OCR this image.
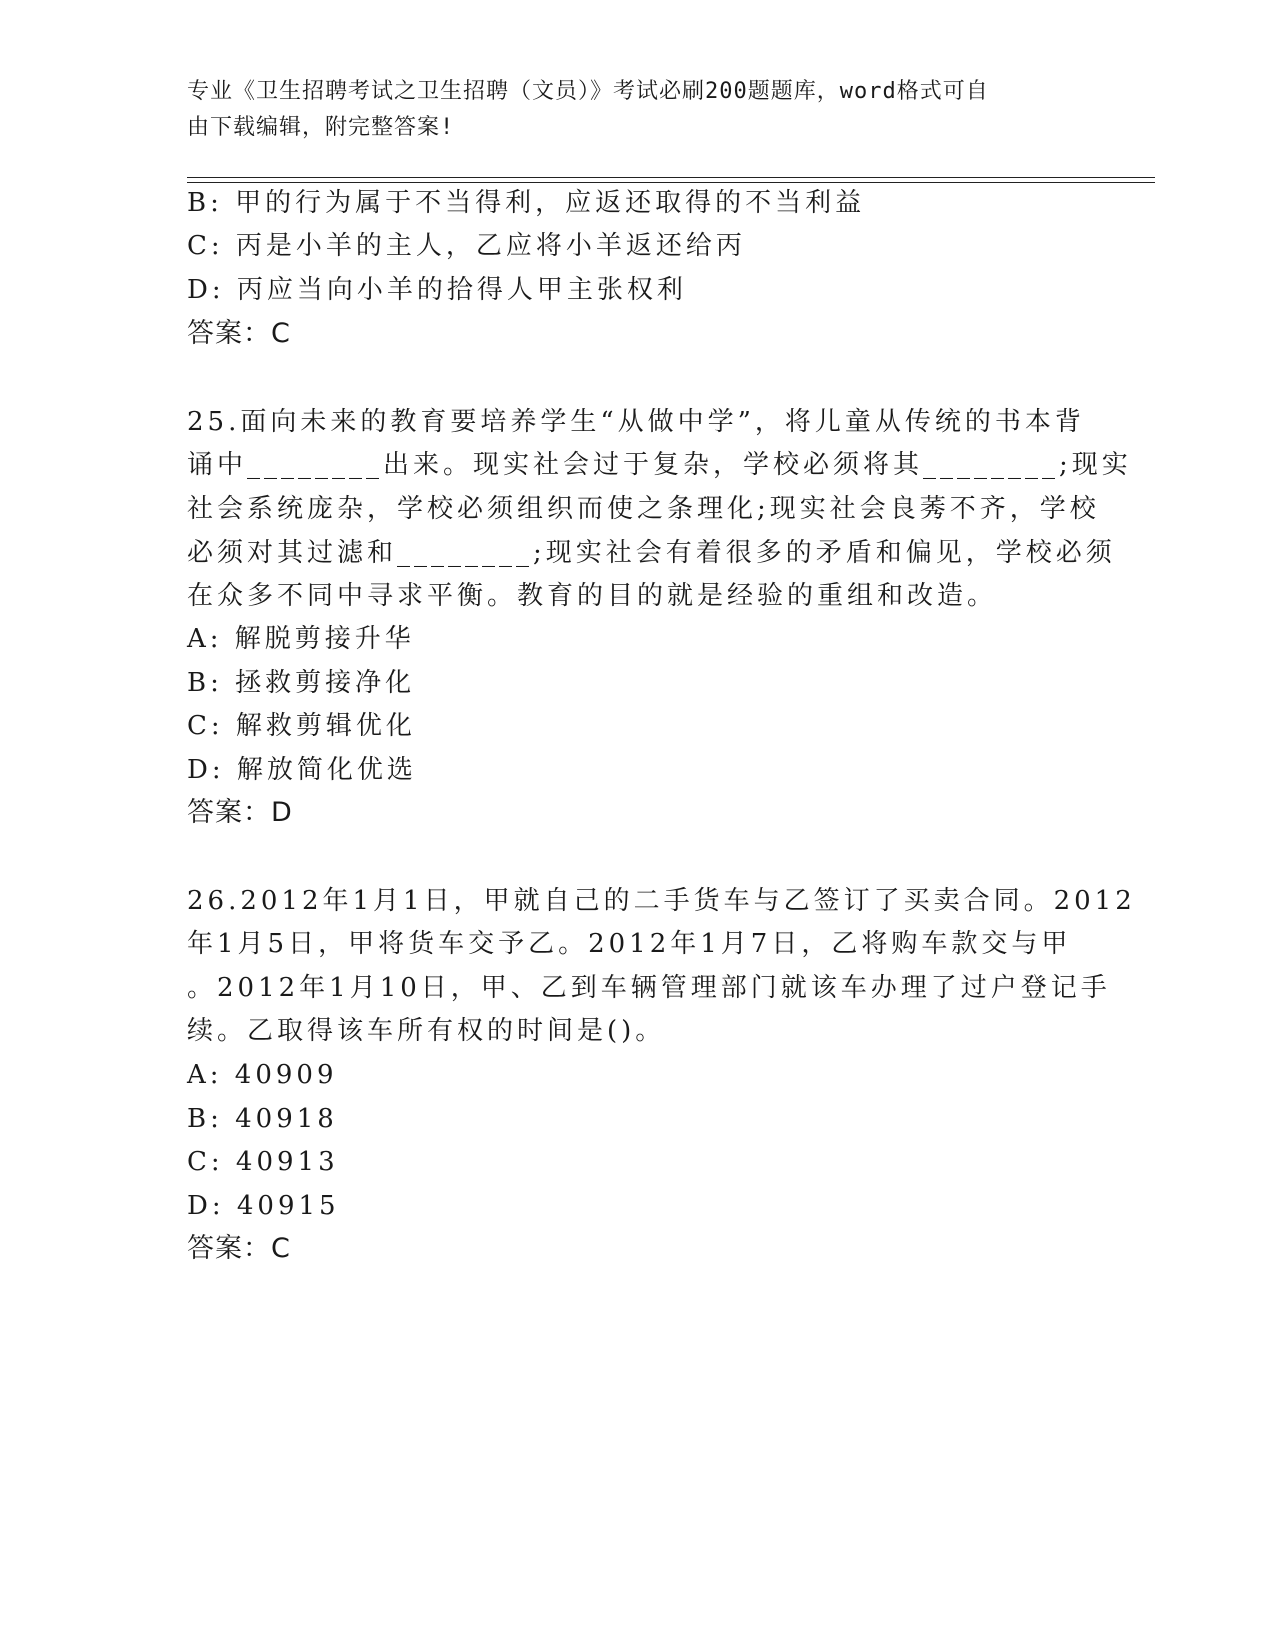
专业《卫生招聘考试之卫生招聘（文员）》考试必刷200题题库，word格式可自
由下载编辑，附完整答案!
B: 甲的行为属于不当得利，应返还取得的不当利益
C: 丙是小羊的主人，乙应将小羊返还给丙
D: 丙应当向小羊的拾得人甲主张权利
答案：C
25.面向未来的教育要培养学生“从做中学”，将儿童从传统的书本背
诵中________出来。现实社会过于复杂，学校必须将其________;现实
社会系统庞杂，学校必须组织而使之条理化;现实社会良莠不齐，学校
必须对其过滤和________;现实社会有着很多的矛盾和偏见，学校必须
在众多不同中寻求平衡。教育的目的就是经验的重组和改造。
A: 解脱剪接升华
B: 拯救剪接净化
C: 解救剪辑优化
D: 解放简化优选
答案：D
26.2012年1月1日，甲就自己的二手货车与乙签订了买卖合同。2012
年1月5日，甲将货车交予乙。2012年1月7日，乙将购车款交与甲
。2012年1月10日，甲、乙到车辆管理部门就该车办理了过户登记手
续。乙取得该车所有权的时间是()。
A: 40909
B: 40918
C: 40913
D: 40915
答案：C
